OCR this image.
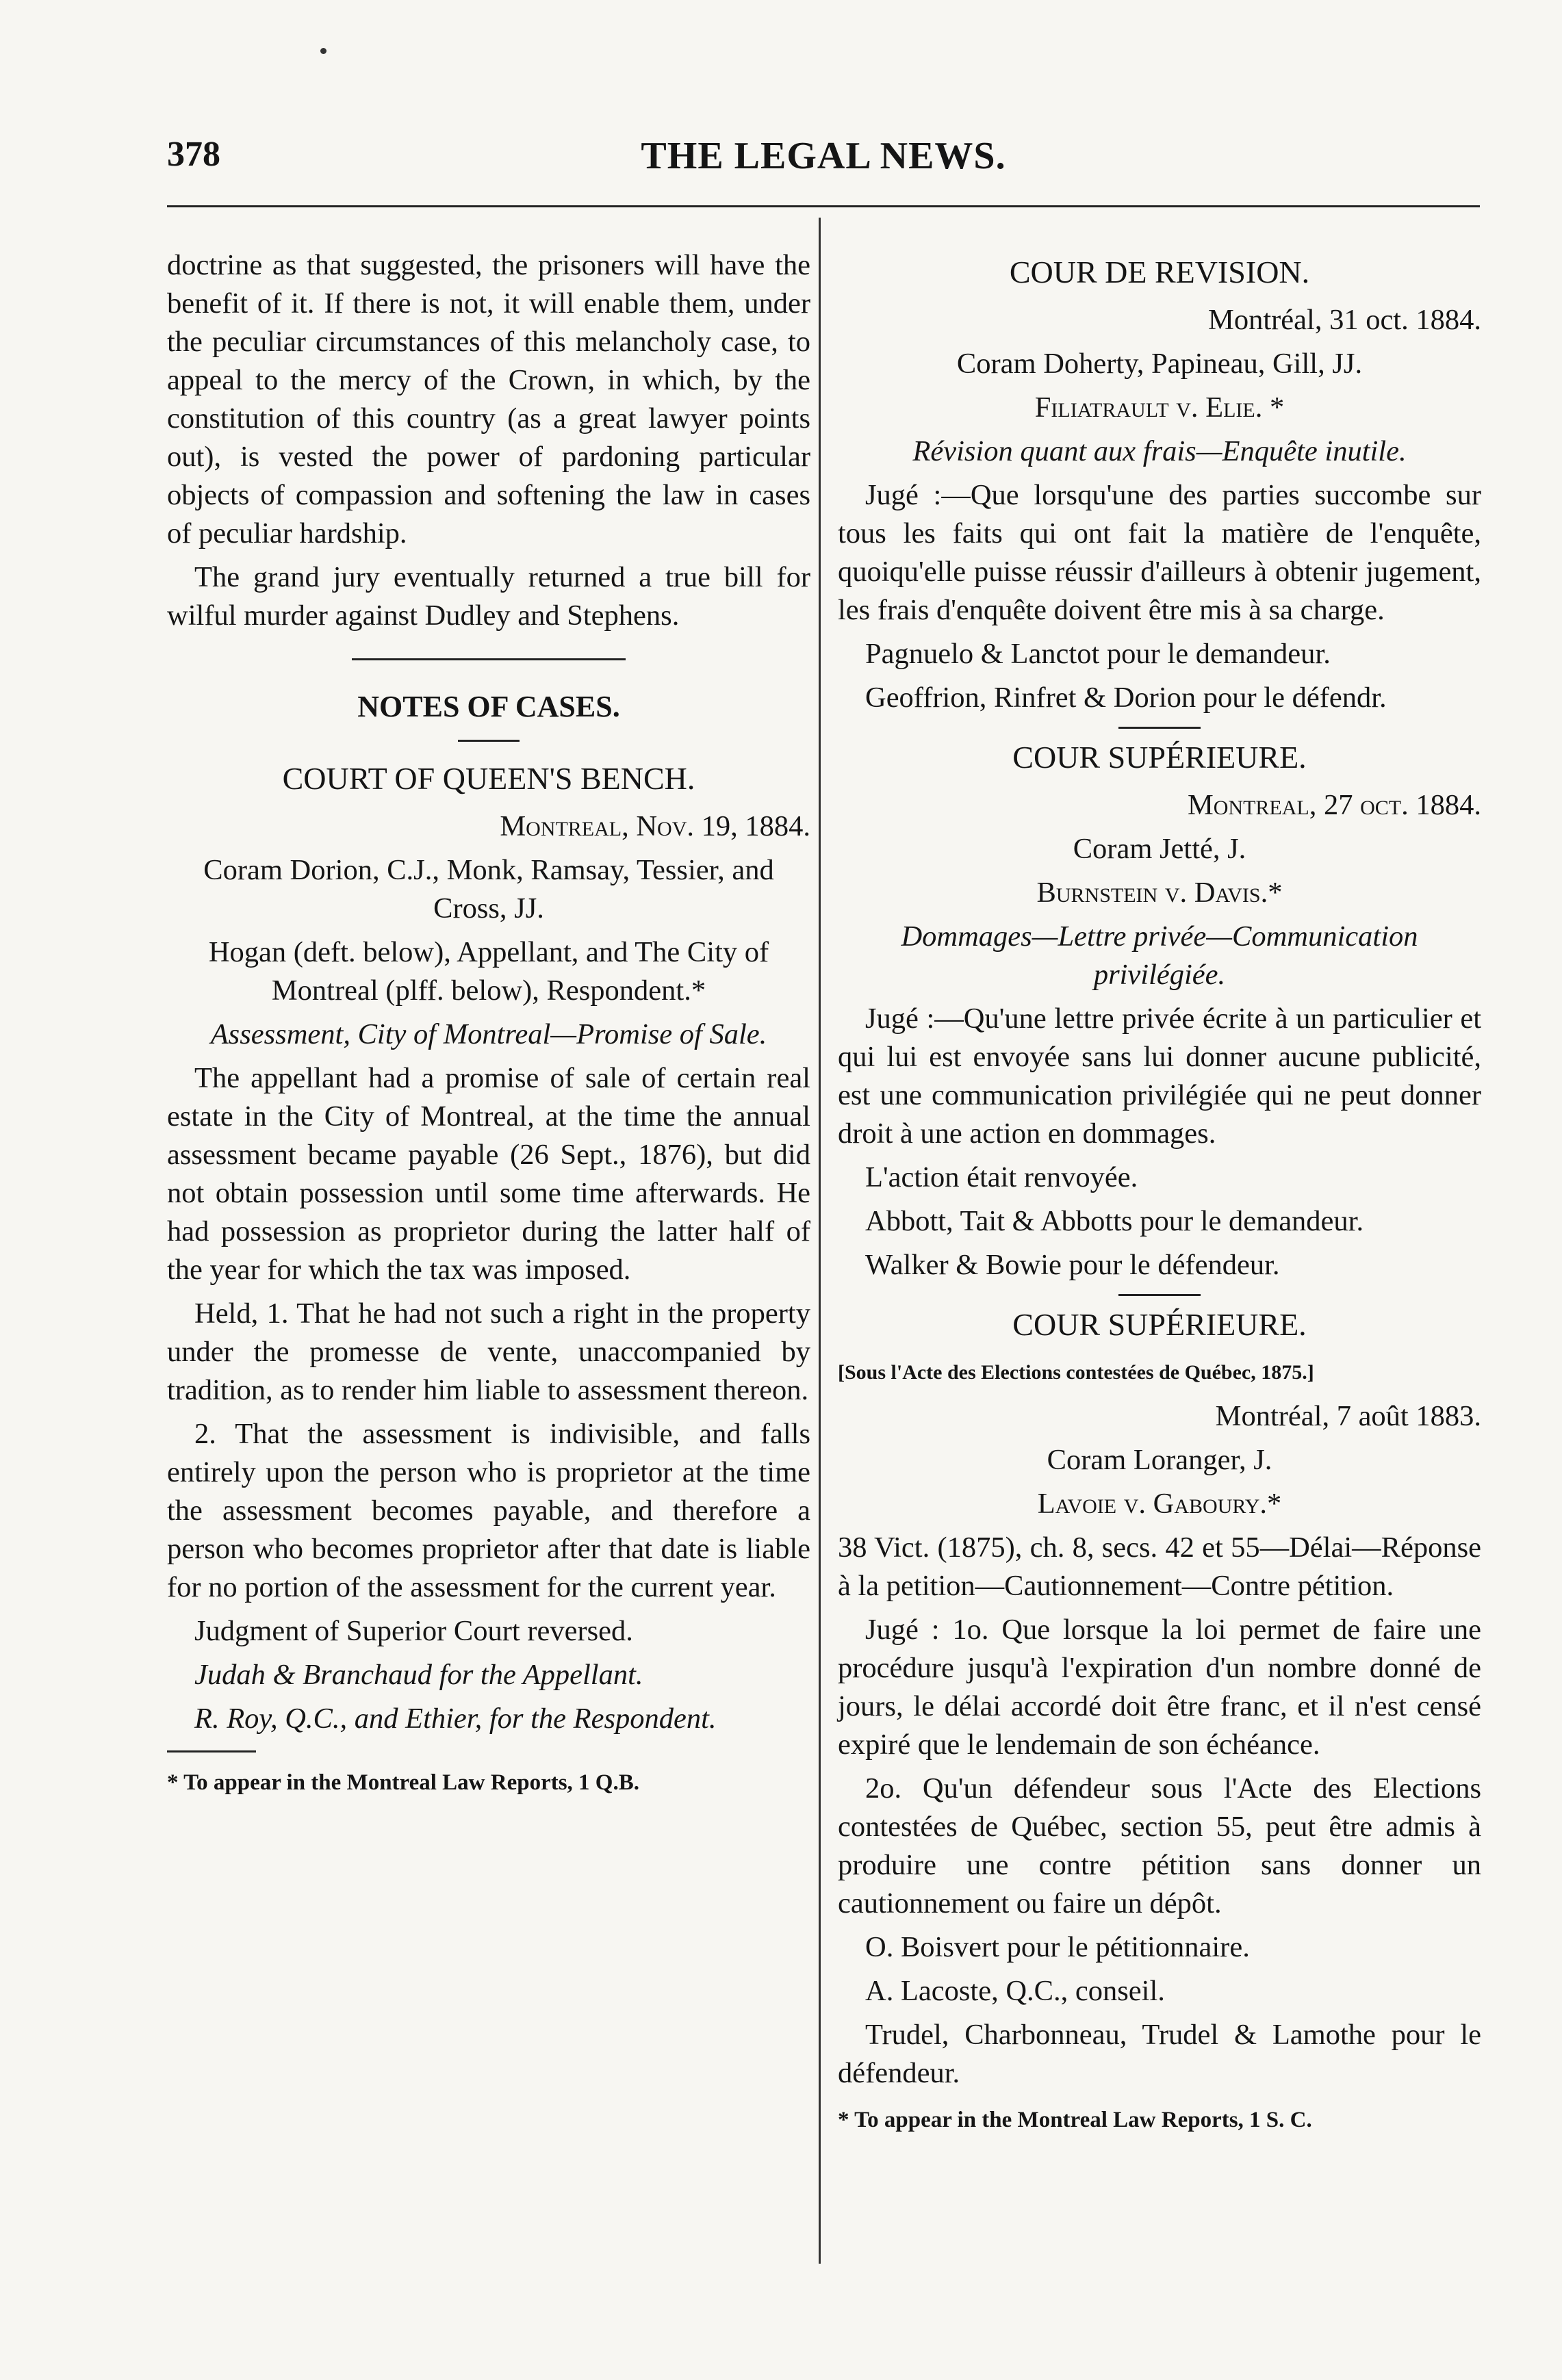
378	THE LEGAL NEWS.

doctrine as that suggested, the prisoners will have the benefit of it. If there is not, it will enable them, under the peculiar circumstances of this melancholy case, to appeal to the mercy of the Crown, in which, by the constitution of this country (as a great lawyer points out), is vested the power of pardoning particular objects of compassion and softening the law in cases of peculiar hardship.

The grand jury eventually returned a true bill for wilful murder against Dudley and Stephens.

NOTES OF CASES.
COURT OF QUEEN'S BENCH.

Montreal, Nov. 19, 1884.

Coram Dorion, C.J., Monk, Ramsay, Tessier, and Cross, JJ.

Hogan (deft. below), Appellant, and The City of Montreal (plff. below), Respondent.*

Assessment, City of Montreal—Promise of Sale.

The appellant had a promise of sale of certain real estate in the City of Montreal, at the time the annual assessment became payable (26 Sept., 1876), but did not obtain possession until some time afterwards. He had possession as proprietor during the latter half of the year for which the tax was imposed.

Held, 1. That he had not such a right in the property under the promesse de vente, unaccompanied by tradition, as to render him liable to assessment thereon.

2. That the assessment is indivisible, and falls entirely upon the person who is proprietor at the time the assessment becomes payable, and therefore a person who becomes proprietor after that date is liable for no portion of the assessment for the current year.

Judgment of Superior Court reversed.

Judah & Branchaud for the Appellant.

R. Roy, Q.C., and Ethier, for the Respondent.

* To appear in the Montreal Law Reports, 1 Q.B.
COUR DE REVISION.

Montréal, 31 oct. 1884.

Coram Doherty, Papineau, Gill, JJ.

Filiatrault v. Elie. *

Révision quant aux frais—Enquête inutile.

Jugé :—Que lorsqu'une des parties succombe sur tous les faits qui ont fait la matière de l'enquête, quoiqu'elle puisse réussir d'ailleurs à obtenir jugement, les frais d'enquête doivent être mis à sa charge.

Pagnuelo & Lanctot pour le demandeur.

Geoffrion, Rinfret & Dorion pour le défendr.

COUR SUPÉRIEURE.

Montreal, 27 oct. 1884.

Coram Jetté, J.

Burnstein v. Davis.*

Dommages—Lettre privée—Communication privilégiée.

Jugé :—Qu'une lettre privée écrite à un particulier et qui lui est envoyée sans lui donner aucune publicité, est une communication privilégiée qui ne peut donner droit à une action en dommages.

L'action était renvoyée.

Abbott, Tait & Abbotts pour le demandeur.

Walker & Bowie pour le défendeur.

COUR SUPÉRIEURE.

[Sous l'Acte des Elections contestées de Québec, 1875.]

Montréal, 7 août 1883.

Coram Loranger, J.

Lavoie v. Gaboury.*

38 Vict. (1875), ch. 8, secs. 42 et 55—Délai—Réponse à la petition—Cautionnement—Contre pétition.

Jugé : 1o. Que lorsque la loi permet de faire une procédure jusqu'à l'expiration d'un nombre donné de jours, le délai accordé doit être franc, et il n'est censé expiré que le lendemain de son échéance.

2o. Qu'un défendeur sous l'Acte des Elections contestées de Québec, section 55, peut être admis à produire une contre pétition sans donner un cautionnement ou faire un dépôt.

O. Boisvert pour le pétitionnaire.

A. Lacoste, Q.C., conseil.

Trudel, Charbonneau, Trudel & Lamothe pour le défendeur.

* To appear in the Montreal Law Reports, 1 S. C.
